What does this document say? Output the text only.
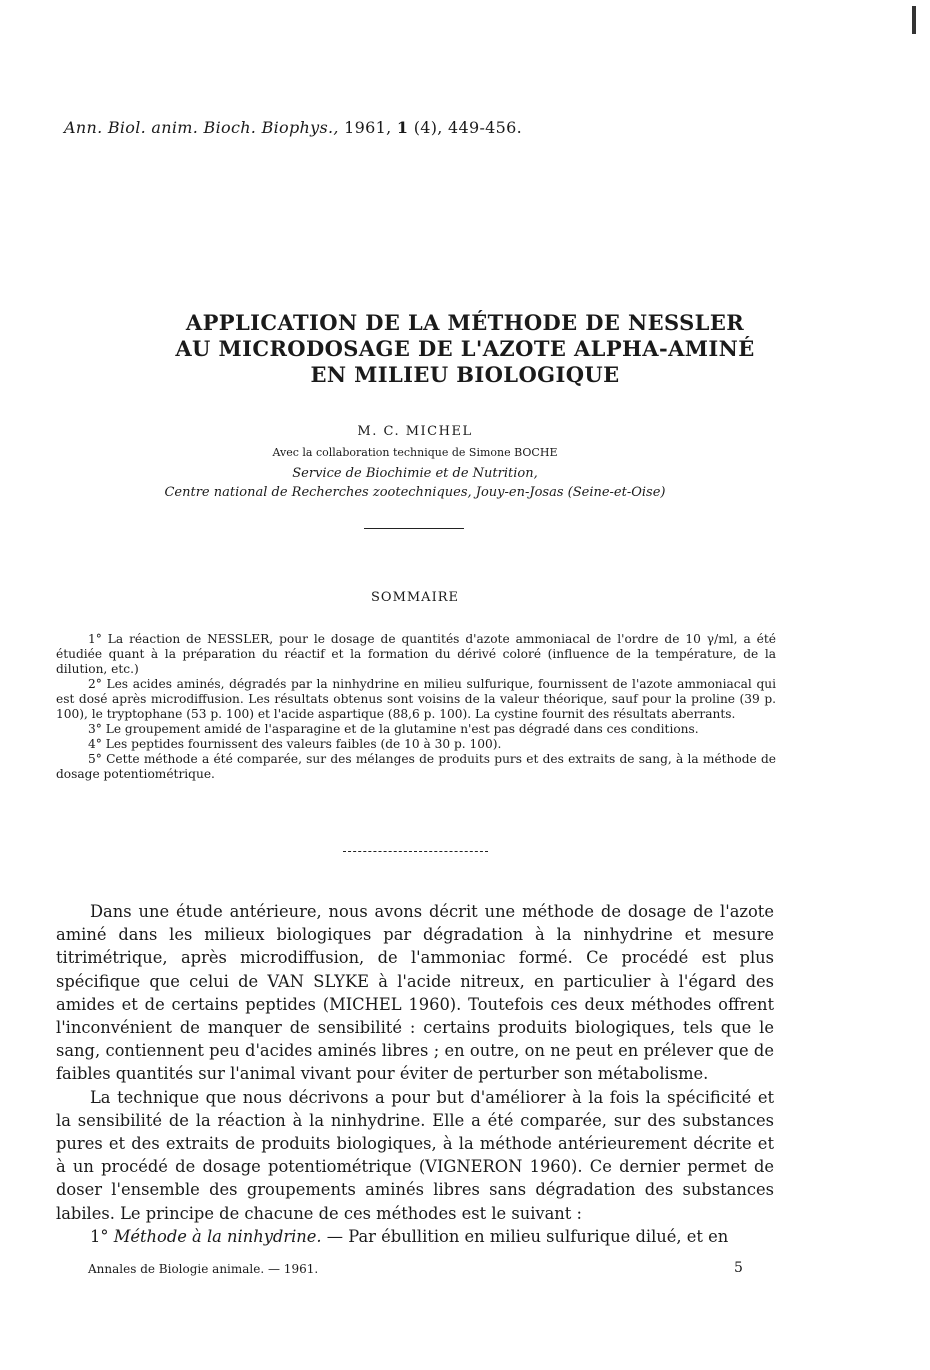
Ann. Biol. anim. Bioch. Biophys., 1961, 1 (4), 449-456.
APPLICATION DE LA MÉTHODE DE NESSLER
AU MICRODOSAGE DE L'AZOTE ALPHA-AMINÉ
EN MILIEU BIOLOGIQUE
M. C. MICHEL
Avec la collaboration technique de Simone BOCHE
Service de Biochimie et de Nutrition,
Centre national de Recherches zootechniques, Jouy-en-Josas (Seine-et-Oise)
SOMMAIRE

1° La réaction de NESSLER, pour le dosage de quantités d'azote ammoniacal de l'ordre de 10 γ/ml, a été étudiée quant à la préparation du réactif et la formation du dérivé coloré (influence de la température, de la dilution, etc.)

2° Les acides aminés, dégradés par la ninhydrine en milieu sulfurique, fournissent de l'azote ammoniacal qui est dosé après microdiffusion. Les résultats obtenus sont voisins de la valeur théorique, sauf pour la proline (39 p. 100), le tryptophane (53 p. 100) et l'acide aspartique (88,6 p. 100). La cystine fournit des résultats aberrants.

3° Le groupement amidé de l'asparagine et de la glutamine n'est pas dégradé dans ces conditions.

4° Les peptides fournissent des valeurs faibles (de 10 à 30 p. 100).

5° Cette méthode a été comparée, sur des mélanges de produits purs et des extraits de sang, à la méthode de dosage potentiométrique.

Dans une étude antérieure, nous avons décrit une méthode de dosage de l'azote aminé dans les milieux biologiques par dégradation à la ninhydrine et mesure titrimétrique, après microdiffusion, de l'ammoniac formé. Ce procédé est plus spécifique que celui de VAN SLYKE à l'acide nitreux, en particulier à l'égard des amides et de certains peptides (MICHEL 1960). Toutefois ces deux méthodes offrent l'inconvénient de manquer de sensibilité : certains produits biologiques, tels que le sang, contiennent peu d'acides aminés libres ; en outre, on ne peut en prélever que de faibles quantités sur l'animal vivant pour éviter de perturber son métabolisme.

La technique que nous décrivons a pour but d'améliorer à la fois la spécificité et la sensibilité de la réaction à la ninhydrine. Elle a été comparée, sur des substances pures et des extraits de produits biologiques, à la méthode antérieurement décrite et à un procédé de dosage potentiométrique (VIGNERON 1960). Ce dernier permet de doser l'ensemble des groupements aminés libres sans dégradation des substances labiles. Le principe de chacune de ces méthodes est le suivant :

1° Méthode à la ninhydrine. — Par ébullition en milieu sulfurique dilué, et en

Annales de Biologie animale. — 1961.	5
